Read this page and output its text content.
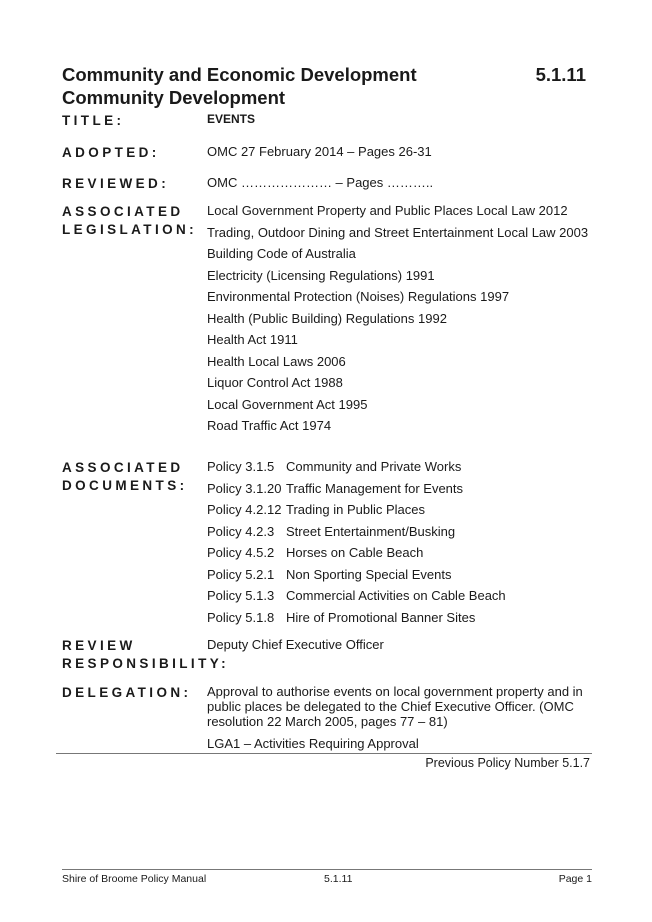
Community and Economic Development
Community Development
5.1.11
TITLE:	EVENTS
ADOPTED:	OMC 27 February 2014 – Pages 26-31
REVIEWED:	OMC ………………… – Pages ………..
ASSOCIATED
LEGISLATION:

Local Government Property and Public Places Local Law 2012

Trading, Outdoor Dining and Street Entertainment Local Law 2003

Building Code of Australia

Electricity (Licensing Regulations) 1991

Environmental Protection (Noises) Regulations 1997

Health (Public Building) Regulations 1992

Health Act 1911

Health Local Laws 2006

Liquor Control Act 1988

Local Government Act 1995

Road Traffic Act 1974

ASSOCIATED
DOCUMENTS:

Policy 3.1.5 Community and Private Works

Policy 3.1.20 Traffic Management for Events

Policy 4.2.12 Trading in Public Places

Policy 4.2.3 Street Entertainment/Busking

Policy 4.5.2 Horses on Cable Beach

Policy 5.2.1 Non Sporting Special Events

Policy 5.1.3 Commercial Activities on Cable Beach

Policy 5.1.8 Hire of Promotional Banner Sites

REVIEW
RESPONSIBILITY:
Deputy Chief Executive Officer
DELEGATION:	Approval to authorise events on local government property and in public places be delegated to the Chief Executive Officer. (OMC resolution 22 March 2005, pages 77 – 81)

LGA1 – Activities Requiring Approval

Previous Policy Number 5.1.7
Shire of Broome Policy Manual	5.1.11	Page 1
